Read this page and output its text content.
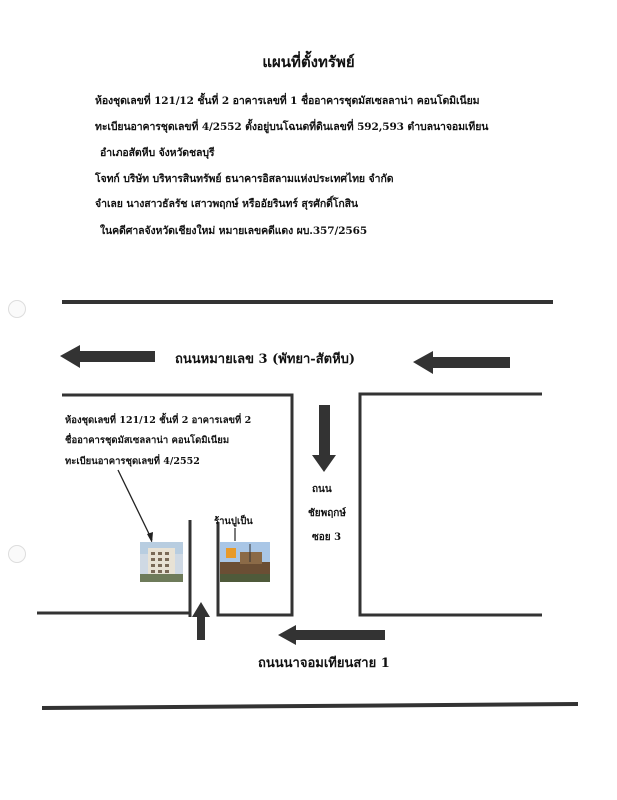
แผนที่ตั้งทรัพย์
ห้องชุดเลขที่ 121/12 ชั้นที่ 2 อาคารเลขที่ 1 ชื่ออาคารชุดมัสเซลลาน่า คอนโดมิเนียม
ทะเบียนอาคารชุดเลขที่ 4/2552 ตั้งอยู่บนโฉนดที่ดินเลขที่ 592,593 ตำบลนาจอมเทียน
อำเภอสัตหีบ จังหวัดชลบุรี
โจทก์ บริษัท บริหารสินทรัพย์ ธนาคารอิสลามแห่งประเทศไทย จำกัด
จำเลย นางสาวธัลรัช เสาวพฤกษ์ หรืออัยรินทร์ สุรศักดิ์โกสิน
ในคดีศาลจังหวัดเชียงใหม่ หมายเลขคดีแดง ผบ.357/2565
ถนนหมายเลข 3 (พัทยา-สัตหีบ)
ถนน
ชัยพฤกษ์
ซอย 3
ถนนนาจอมเทียนสาย 1
ห้องชุดเลขที่ 121/12 ชั้นที่ 2 อาคารเลขที่ 2
ชื่ออาคารชุดมัสเซลลาน่า คอนโดมิเนียม
ทะเบียนอาคารชุดเลขที่ 4/2552
ร้านปูเป็น
